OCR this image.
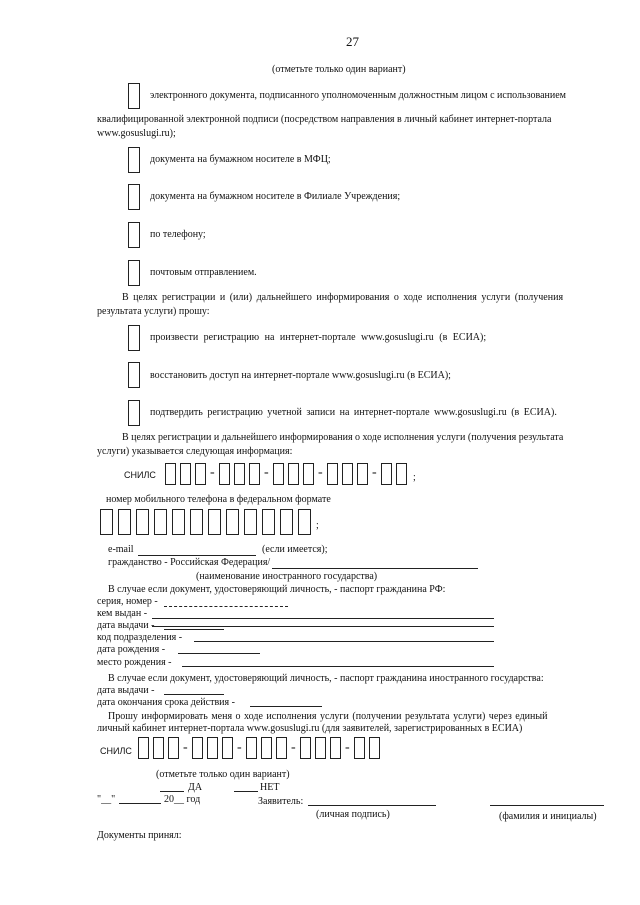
27
(отметьте только один вариант)
электронного документа, подписанного уполномоченным должностным лицом с использованием
квалифицированной электронной подписи (посредством направления в личный кабинет интернет-портала
www.gosuslugi.ru);
документа на бумажном носителе в МФЦ;
документа на бумажном носителе в Филиале Учреждения;
по телефону;
почтовым отправлением.
В целях регистрации и (или) дальнейшего информирования о ходе исполнения услуги (получения
результата услуги) прошу:
произвести регистрацию на интернет-портале www.gosuslugi.ru (в ЕСИА);
восстановить доступ на интернет-портале www.gosuslugi.ru (в ЕСИА);
подтвердить регистрацию учетной записи на интернет-портале www.gosuslugi.ru (в ЕСИА).
В целях регистрации и дальнейшего информирования о ходе исполнения услуги (получения результата
услуги) указывается следующая информация:
СНИЛС	-	-	-	-	;
номер мобильного телефона в федеральном формате
;
e-mail	(если имеется);
гражданство - Российская Федерация/
(наименование иностранного государства)
В случае если документ, удостоверяющий личность, - паспорт гражданина РФ:
серия, номер -
кем выдан -
дата выдачи -
код подразделения -
дата рождения -
место рождения -
В случае если документ, удостоверяющий личность, - паспорт гражданина иностранного государства:
дата выдачи -
дата окончания срока действия -
Прошу информировать меня о ходе исполнения услуги (получении результата услуги) через единый
личный кабинет интернет-портала www.gosuslugi.ru (для заявителей, зарегистрированных в ЕСИА)
СНИЛС	-	-	-	-
(отметьте только один вариант)
ДА	НЕТ
"__"	20__ год	Заявитель:
(личная подпись)	(фамилия и инициалы)
Документы принял:
